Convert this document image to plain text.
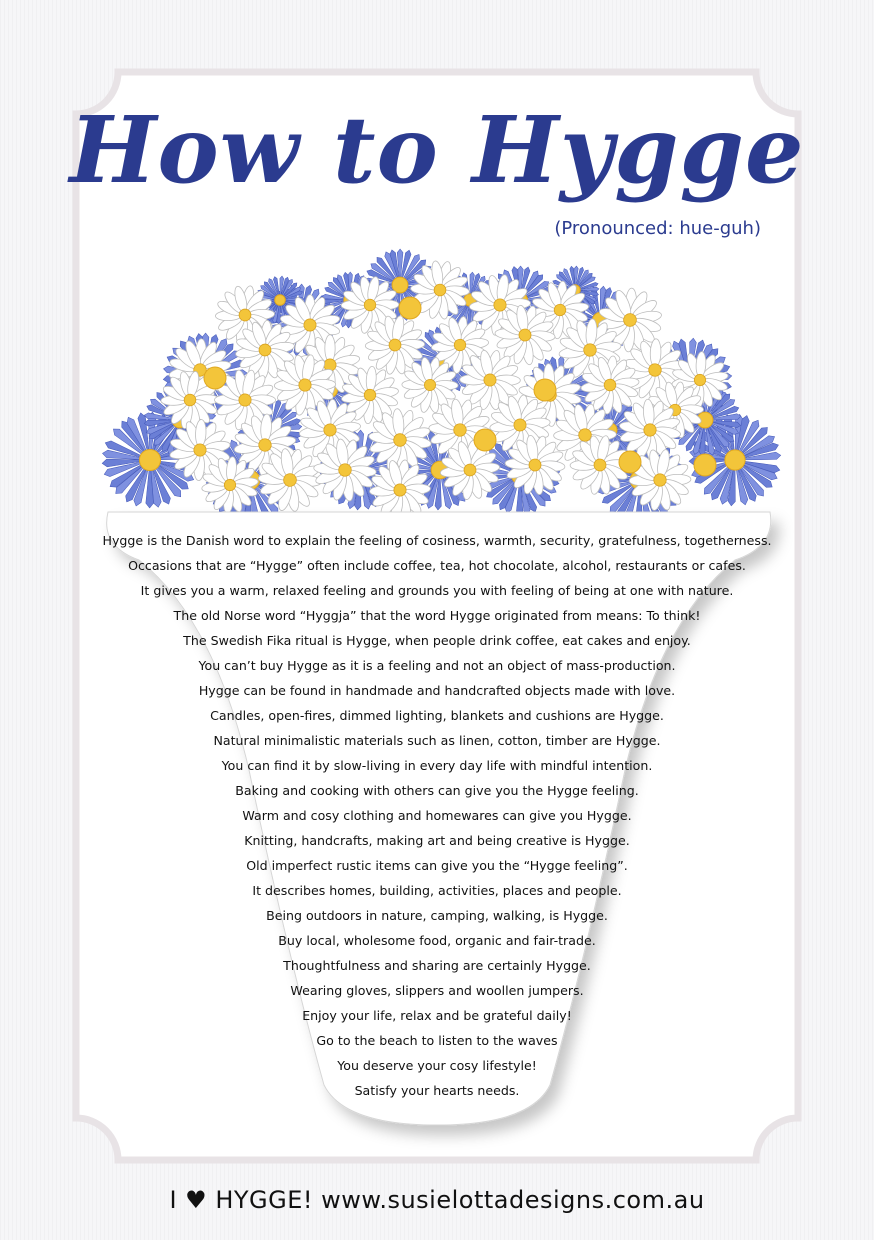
How to Hygge
(Pronounced: hue-guh)
Hygge is the Danish word to explain the feeling of cosiness, warmth, security, gratefulness, togetherness.
Occasions that are “Hygge” often include coffee, tea, hot chocolate, alcohol, restaurants or cafes.
It gives you a warm, relaxed feeling and grounds you with feeling of being at one with nature.
The old Norse word “Hyggja” that the word Hygge originated from means: To think!
The Swedish Fika ritual is Hygge, when people drink coffee, eat cakes and enjoy.
You can’t buy Hygge as it is a feeling and not an object of mass-production.
Hygge can be found in handmade and handcrafted objects made with love.
Candles, open-fires, dimmed lighting, blankets and cushions are Hygge.
Natural minimalistic materials such as linen, cotton, timber are Hygge.
You can find it by slow-living in every day life with mindful intention.
Baking and cooking with others can give you the Hygge feeling.
Warm and cosy clothing and homewares can give you Hygge.
Knitting, handcrafts, making art and being creative is Hygge.
Old imperfect rustic items can give you the “Hygge feeling”.
It describes homes, building, activities, places and people.
Being outdoors in nature, camping, walking, is Hygge.
Buy local, wholesome food, organic and fair-trade.
Thoughtfulness and sharing are certainly Hygge.
Wearing gloves, slippers and woollen jumpers.
Enjoy your life, relax and be grateful daily!
Go to the beach to listen to the waves
You deserve your cosy lifestyle!
Satisfy your hearts needs.
I ♥ HYGGE! www.susielottadesigns.com.au
